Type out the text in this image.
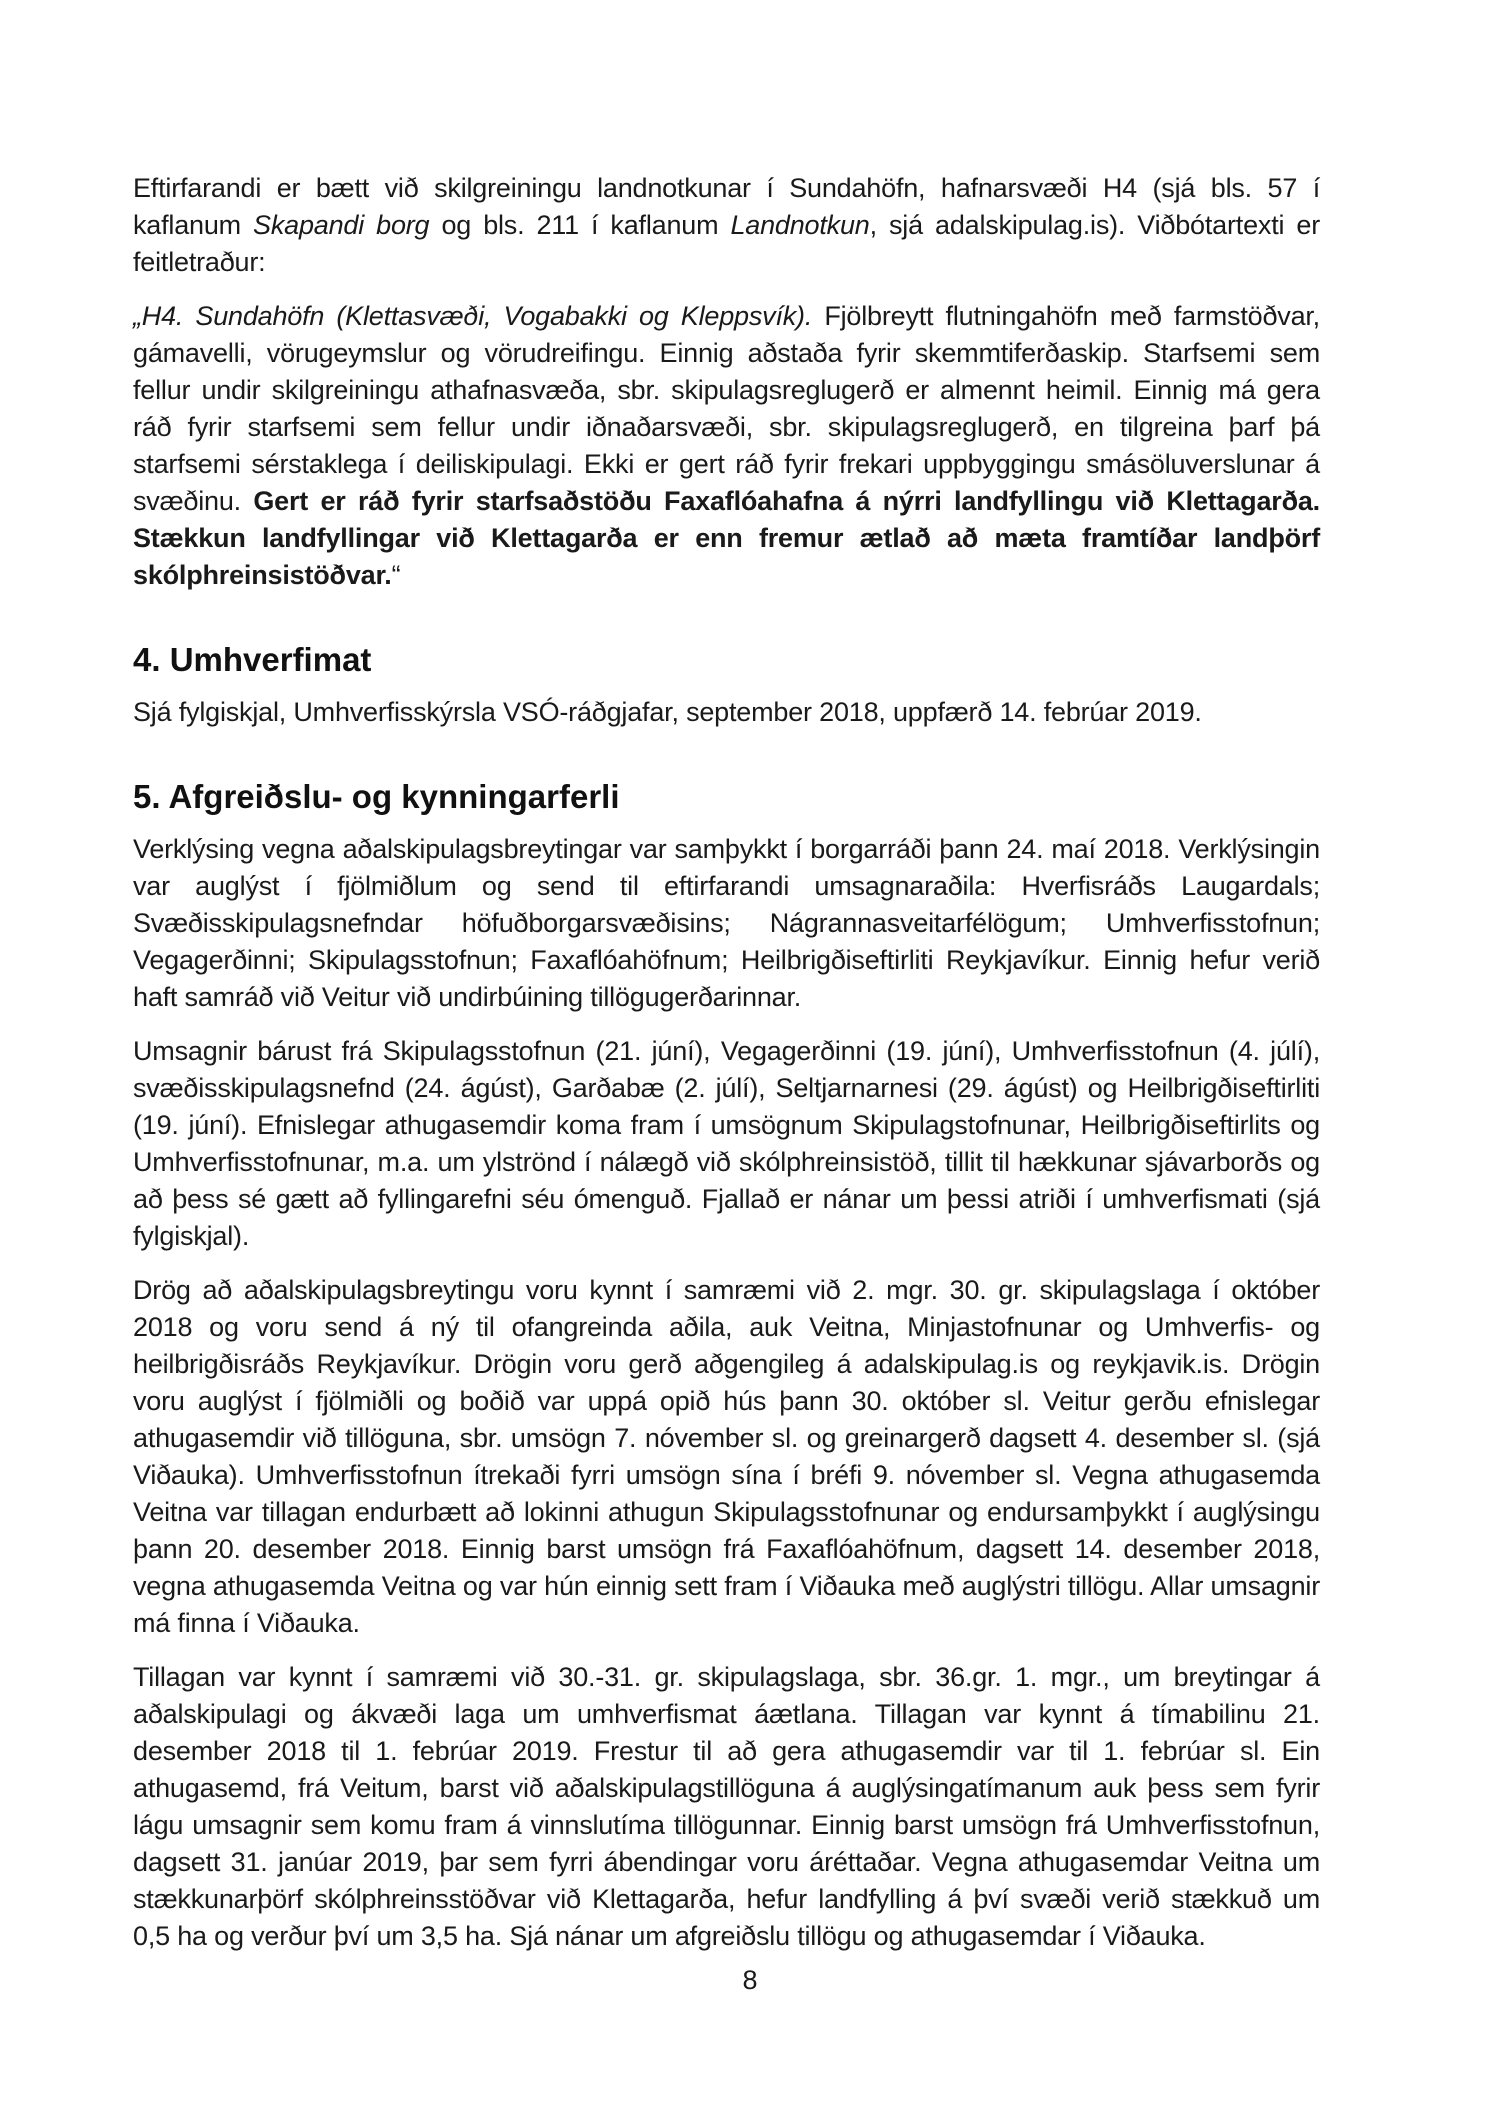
Eftirfarandi er bætt við skilgreiningu landnotkunar í Sundahöfn, hafnarsvæði H4 (sjá bls. 57 í kaflanum Skapandi borg og bls. 211 í kaflanum Landnotkun, sjá adalskipulag.is). Viðbótartexti er feitletraður:

„H4. Sundahöfn (Klettasvæði, Vogabakki og Kleppsvík). Fjölbreytt flutningahöfn með farmstöðvar, gámavelli, vörugeymslur og vörudreifingu. Einnig aðstaða fyrir skemmtiferðaskip. Starfsemi sem fellur undir skilgreiningu athafnasvæða, sbr. skipulagsreglugerð er almennt heimil. Einnig má gera ráð fyrir starfsemi sem fellur undir iðnaðarsvæði, sbr. skipulagsreglugerð, en tilgreina þarf þá starfsemi sérstaklega í deiliskipulagi. Ekki er gert ráð fyrir frekari uppbyggingu smásöluverslunar á svæðinu. Gert er ráð fyrir starfsaðstöðu Faxaflóahafna á nýrri landfyllingu við Klettagarða. Stækkun landfyllingar við Klettagarða er enn fremur ætlað að mæta framtíðar landþörf skólphreinsistöðvar.“

4. Umhverfimat

Sjá fylgiskjal, Umhverfisskýrsla VSÓ-ráðgjafar, september 2018, uppfærð 14. febrúar 2019.

5. Afgreiðslu- og kynningarferli

Verklýsing vegna aðalskipulagsbreytingar var samþykkt í borgarráði þann 24. maí 2018. Verklýsingin var auglýst í fjölmiðlum og send til eftirfarandi umsagnaraðila: Hverfisráðs Laugardals; Svæðisskipulagsnefndar höfuðborgarsvæðisins; Nágrannasveitarfélögum; Umhverfisstofnun; Vegagerðinni; Skipulagsstofnun; Faxaflóahöfnum; Heilbrigðiseftirliti Reykjavíkur. Einnig hefur verið haft samráð við Veitur við undirbúining tillögugerðarinnar.

Umsagnir bárust frá Skipulagsstofnun (21. júní), Vegagerðinni (19. júní), Umhverfisstofnun (4. júlí), svæðisskipulagsnefnd (24. ágúst), Garðabæ (2. júlí), Seltjarnarnesi (29. ágúst) og Heilbrigðiseftirliti (19. júní). Efnislegar athugasemdir koma fram í umsögnum Skipulagstofnunar, Heilbrigðiseftirlits og Umhverfisstofnunar, m.a. um ylströnd í nálægð við skólphreinsistöð, tillit til hækkunar sjávarborðs og að þess sé gætt að fyllingarefni séu ómenguð. Fjallað er nánar um þessi atriði í umhverfismati (sjá fylgiskjal).

Drög að aðalskipulagsbreytingu voru kynnt í samræmi við 2. mgr. 30. gr. skipulagslaga í október 2018 og voru send á ný til ofangreinda aðila, auk Veitna, Minjastofnunar og Umhverfis- og heilbrigðisráðs Reykjavíkur. Drögin voru gerð aðgengileg á adalskipulag.is og reykjavik.is. Drögin voru auglýst í fjölmiðli og boðið var uppá opið hús þann 30. október sl. Veitur gerðu efnislegar athugasemdir við tillöguna, sbr. umsögn 7. nóvember sl. og greinargerð dagsett 4. desember sl. (sjá Viðauka). Umhverfisstofnun ítrekaði fyrri umsögn sína í bréfi 9. nóvember sl. Vegna athugasemda Veitna var tillagan endurbætt að lokinni athugun Skipulagsstofnunar og endursamþykkt í auglýsingu þann 20. desember 2018. Einnig barst umsögn frá Faxaflóahöfnum, dagsett 14. desember 2018, vegna athugasemda Veitna og var hún einnig sett fram í Viðauka með auglýstri tillögu. Allar umsagnir má finna í Viðauka.

Tillagan var kynnt í samræmi við 30.-31. gr. skipulagslaga, sbr. 36.gr. 1. mgr., um breytingar á aðalskipulagi og ákvæði laga um umhverfismat áætlana. Tillagan var kynnt á tímabilinu 21. desember 2018 til 1. febrúar 2019. Frestur til að gera athugasemdir var til 1. febrúar sl. Ein athugasemd, frá Veitum, barst við aðalskipulagstillöguna á auglýsingatímanum auk þess sem fyrir lágu umsagnir sem komu fram á vinnslutíma tillögunnar. Einnig barst umsögn frá Umhverfisstofnun, dagsett 31. janúar 2019, þar sem fyrri ábendingar voru áréttaðar. Vegna athugasemdar Veitna um stækkunarþörf skólphreinsstöðvar við Klettagarða, hefur landfylling á því svæði verið stækkuð um 0,5 ha og verður því um 3,5 ha. Sjá nánar um afgreiðslu tillögu og athugasemdar í Viðauka.

8
